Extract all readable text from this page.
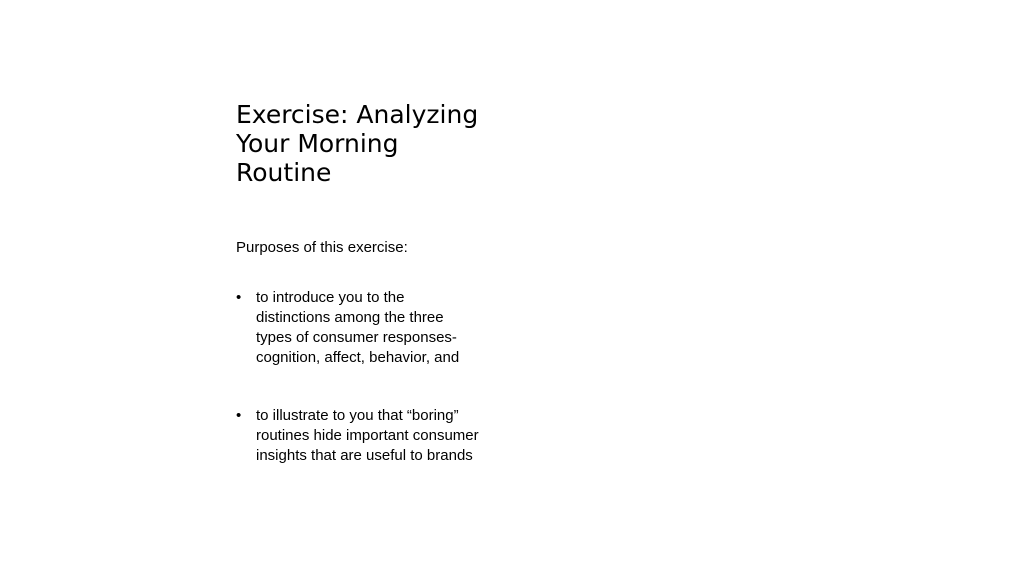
Exercise: Analyzing
Your Morning
Routine

Purposes of this exercise:

• to introduce you to the
distinctions among the three
types of consumer responses-
cognition, affect, behavior, and
• to illustrate to you that “boring”
routines hide important consumer
insights that are useful to brands
